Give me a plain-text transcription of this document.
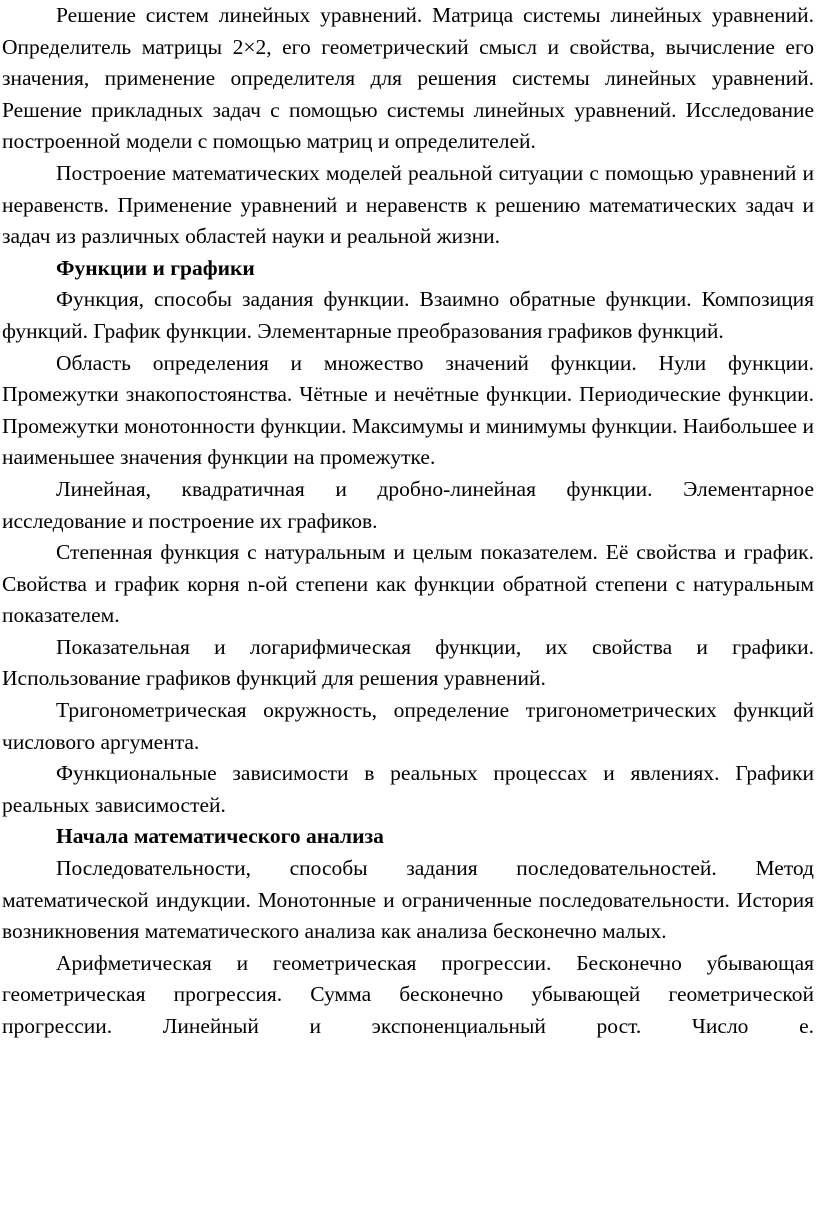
Решение систем линейных уравнений. Матрица системы линейных уравнений. Определитель матрицы 2×2, его геометрический смысл и свойства, вычисление его значения, применение определителя для решения системы линейных уравнений. Решение прикладных задач с помощью системы линейных уравнений. Исследование построенной модели с помощью матриц и определителей.

Построение математических моделей реальной ситуации с помощью уравнений и неравенств. Применение уравнений и неравенств к решению математических задач и задач из различных областей науки и реальной жизни.

Функции и графики

Функция, способы задания функции. Взаимно обратные функции. Композиция функций. График функции. Элементарные преобразования графиков функций.

Область определения и множество значений функции. Нули функции. Промежутки знакопостоянства. Чётные и нечётные функции. Периодические функции. Промежутки монотонности функции. Максимумы и минимумы функции. Наибольшее и наименьшее значения функции на промежутке.

Линейная, квадратичная и дробно-линейная функции. Элементарное исследование и построение их графиков.

Степенная функция с натуральным и целым показателем. Её свойства и график. Свойства и график корня n-ой степени как функции обратной степени с натуральным показателем.

Показательная и логарифмическая функции, их свойства и графики. Использование графиков функций для решения уравнений.

Тригонометрическая окружность, определение тригонометрических функций числового аргумента.

Функциональные зависимости в реальных процессах и явлениях. Графики реальных зависимостей.

Начала математического анализа

Последовательности, способы задания последовательностей. Метод математической индукции. Монотонные и ограниченные последовательности. История возникновения математического анализа как анализа бесконечно малых.

Арифметическая и геометрическая прогрессии. Бесконечно убывающая геометрическая прогрессия. Сумма бесконечно убывающей геометрической прогрессии. Линейный и экспоненциальный рост. Число е.
